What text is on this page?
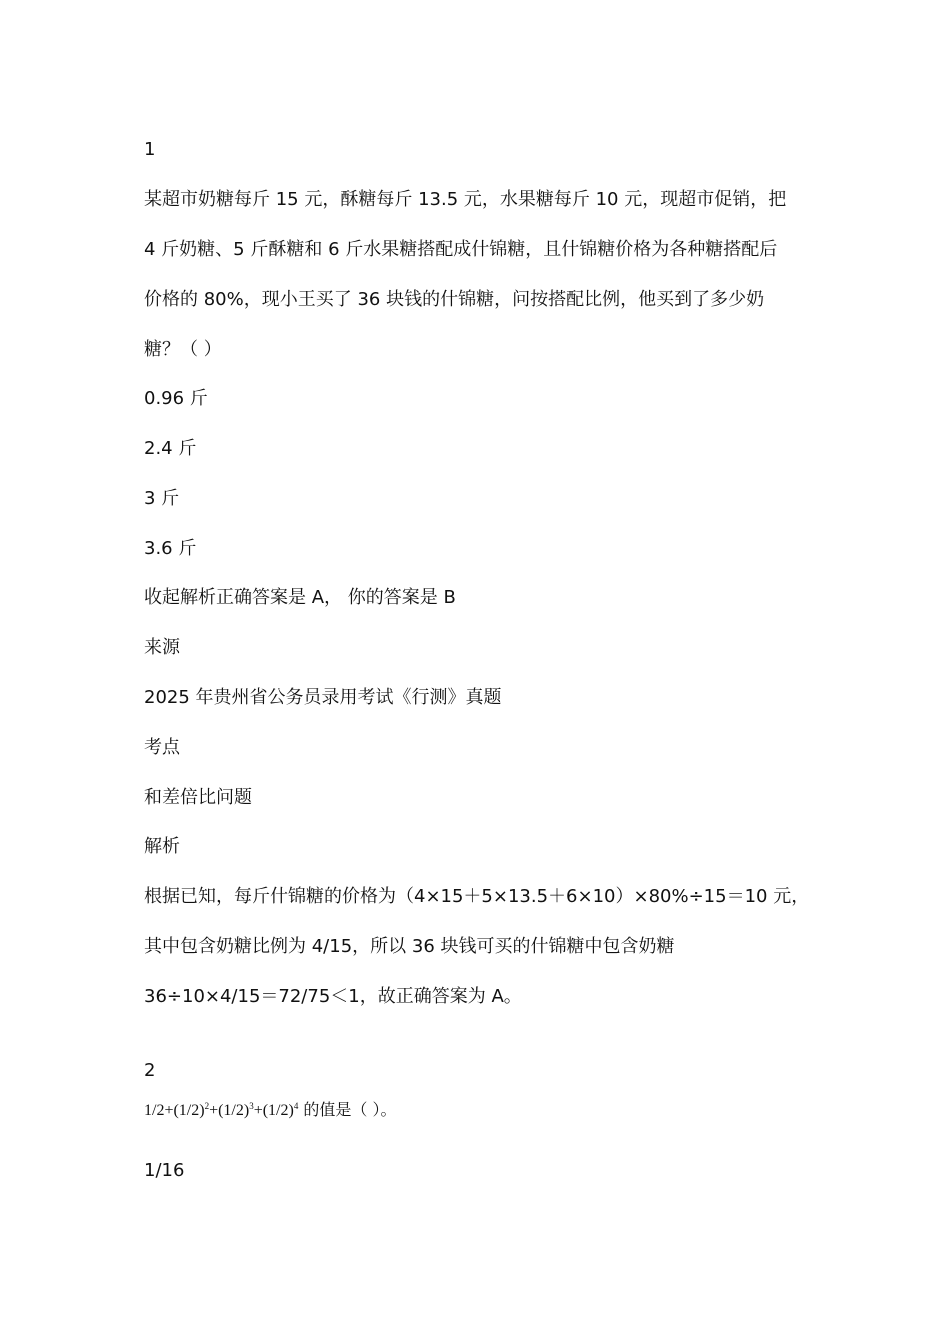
1
某超市奶糖每斤 15 元，酥糖每斤 13.5 元，水果糖每斤 10 元，现超市促销，把
4 斤奶糖、5 斤酥糖和 6 斤水果糖搭配成什锦糖，且什锦糖价格为各种糖搭配后
价格的 80%，现小王买了 36 块钱的什锦糖，问按搭配比例，他买到了多少奶
糖？（ ）
0.96 斤
2.4 斤
3 斤
3.6 斤
收起解析正确答案是 A， 你的答案是 B
来源
2025 年贵州省公务员录用考试《行测》真题
考点
和差倍比问题
解析
根据已知，每斤什锦糖的价格为（4×15＋5×13.5＋6×10）×80%÷15＝10 元，
其中包含奶糖比例为 4/15，所以 36 块钱可买的什锦糖中包含奶糖
36÷10×4/15＝72/75＜1，故正确答案为 A。
2
$1/2+(1/2)^2+(1/2)^3+(1/2)^4$ 的值是（ ）。
1/16
